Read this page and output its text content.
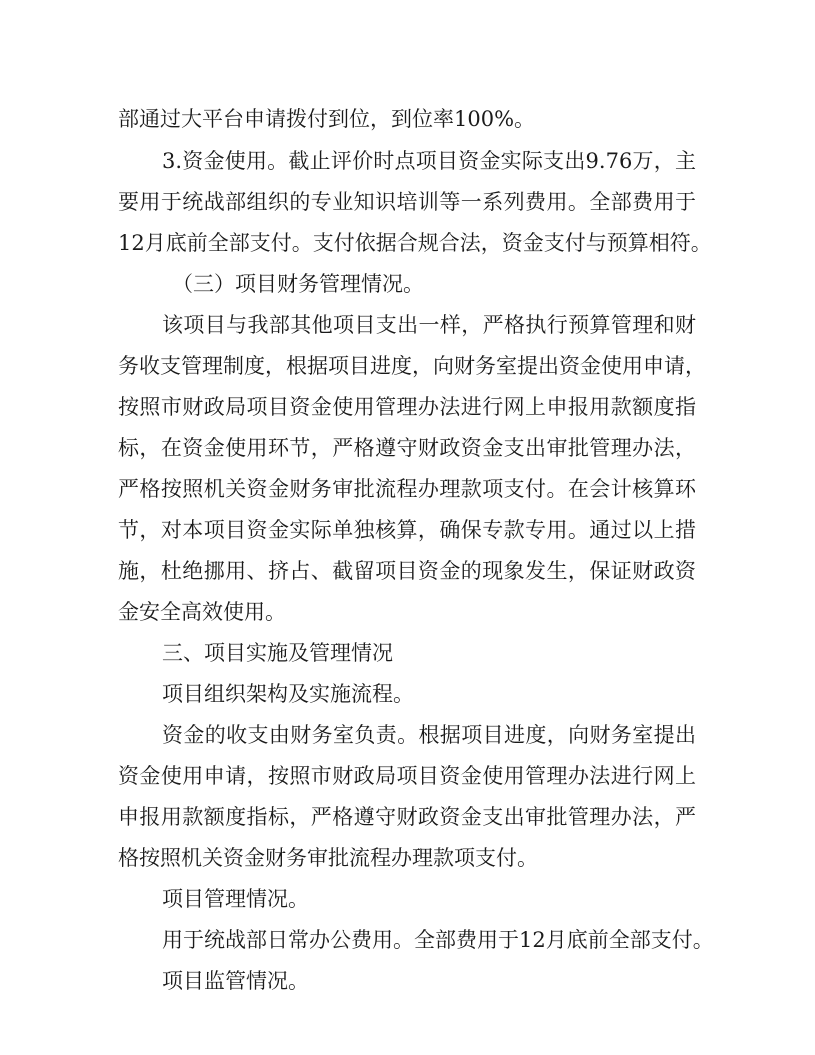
部通过大平台申请拨付到位，到位率100%。

3.资金使用。截止评价时点项目资金实际支出9.76万，主

要用于统战部组织的专业知识培训等一系列费用。全部费用于

12月底前全部支付。支付依据合规合法，资金支付与预算相符。

（三）项目财务管理情况。

该项目与我部其他项目支出一样，严格执行预算管理和财

务收支管理制度，根据项目进度，向财务室提出资金使用申请，

按照市财政局项目资金使用管理办法进行网上申报用款额度指

标，在资金使用环节，严格遵守财政资金支出审批管理办法，

严格按照机关资金财务审批流程办理款项支付。在会计核算环

节，对本项目资金实际单独核算，确保专款专用。通过以上措

施，杜绝挪用、挤占、截留项目资金的现象发生，保证财政资

金安全高效使用。

三、项目实施及管理情况

项目组织架构及实施流程。

资金的收支由财务室负责。根据项目进度，向财务室提出

资金使用申请，按照市财政局项目资金使用管理办法进行网上

申报用款额度指标，严格遵守财政资金支出审批管理办法，严

格按照机关资金财务审批流程办理款项支付。

项目管理情况。

用于统战部日常办公费用。全部费用于12月底前全部支付。

项目监管情况。
